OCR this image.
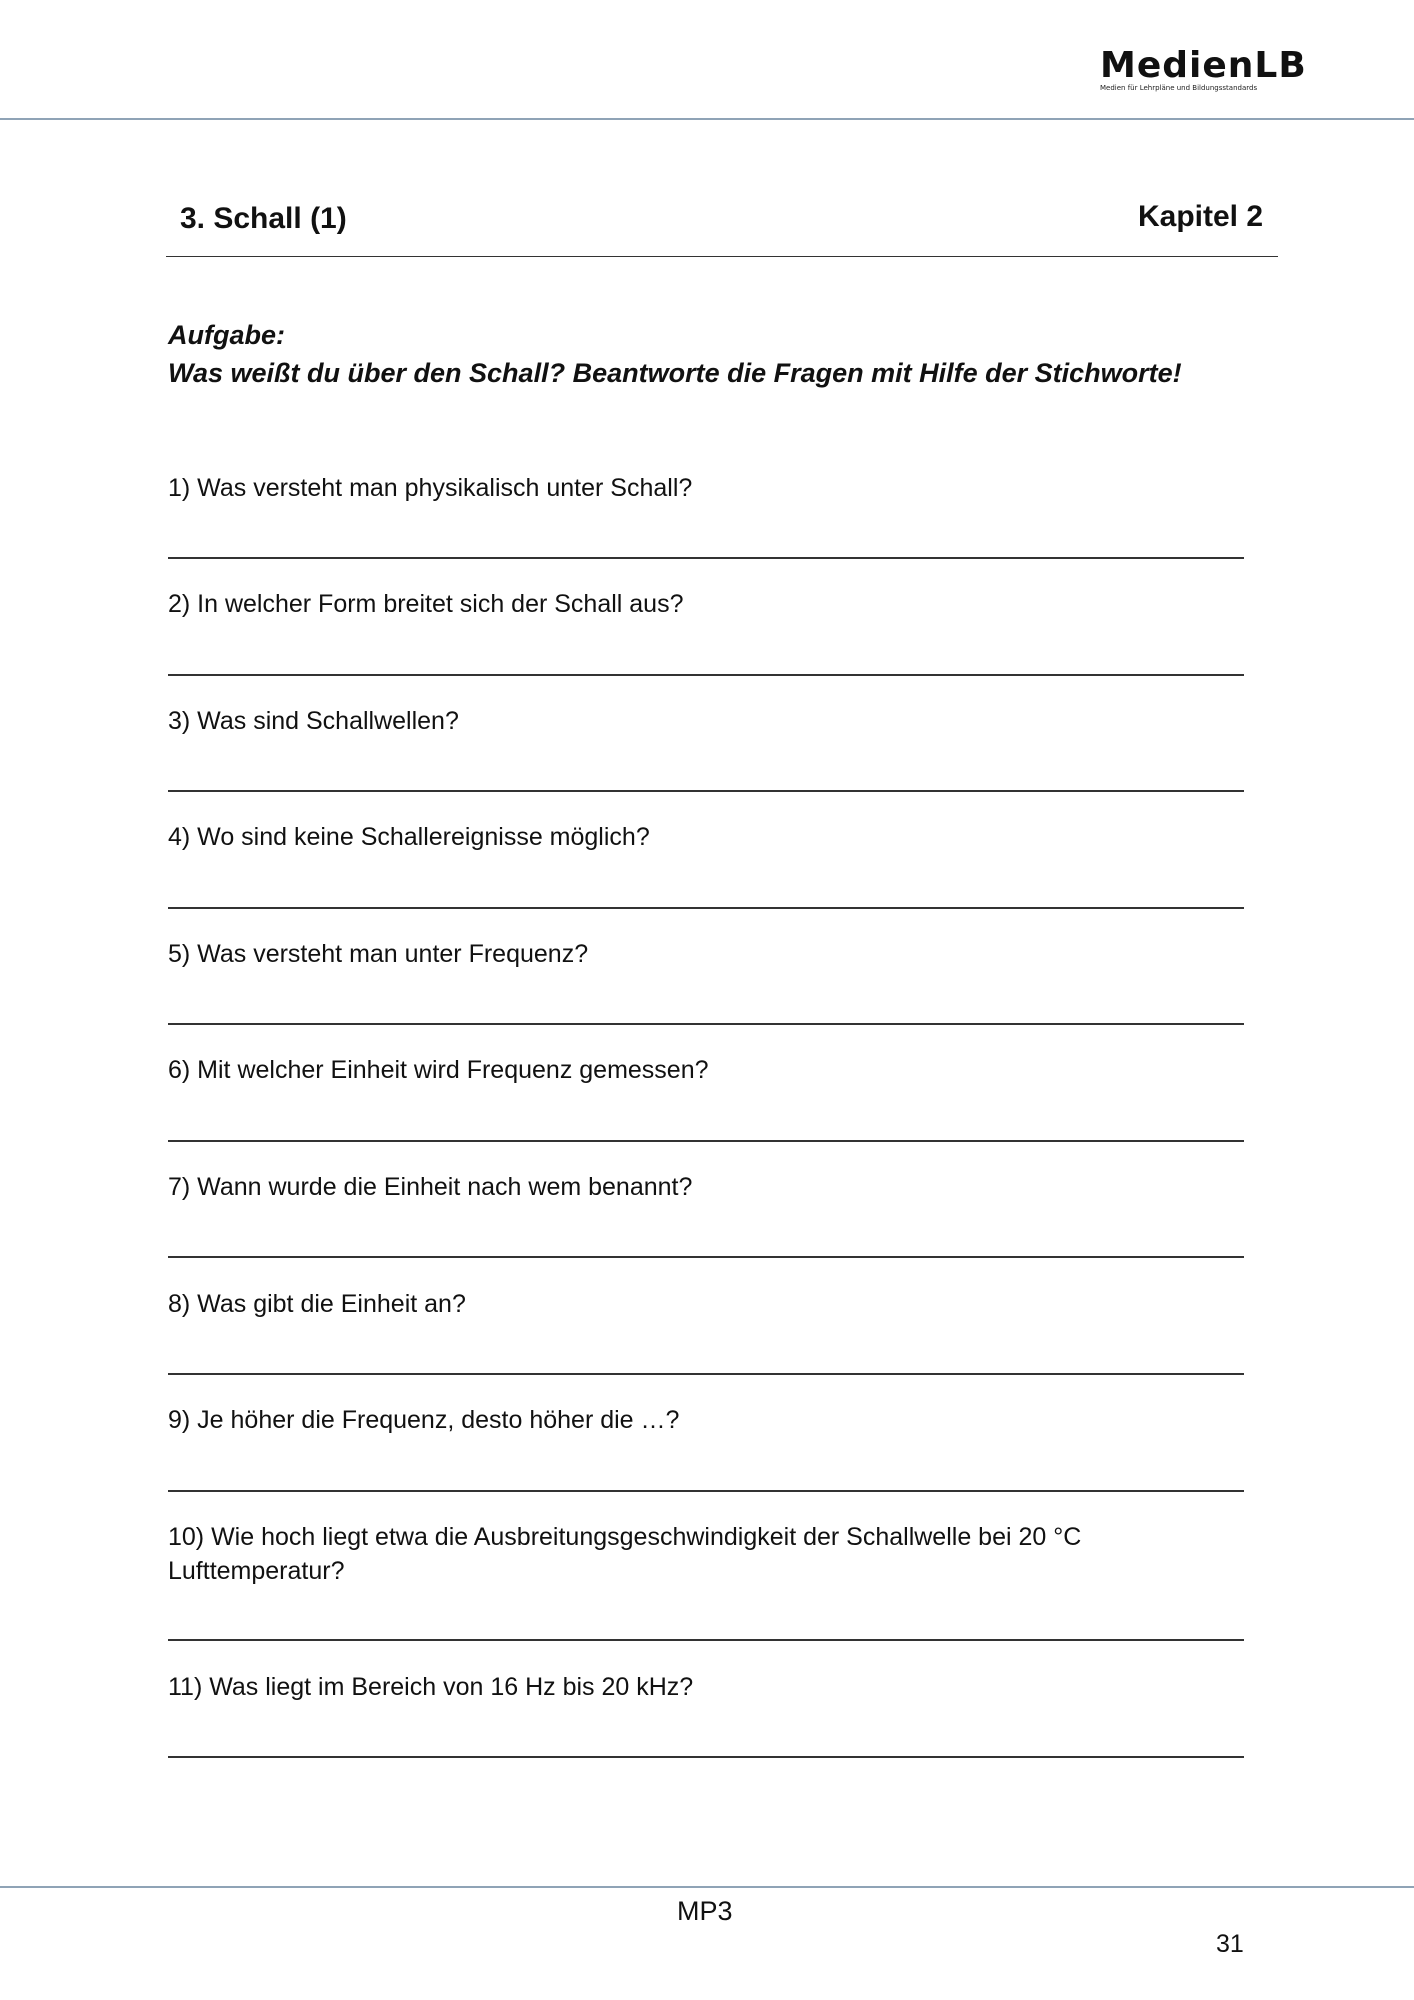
MedienLB
Medien für Lehrpläne und Bildungsstandards
3. Schall (1)	Kapitel 2
Aufgabe:
Was weißt du über den Schall? Beantworte die Fragen mit Hilfe der Stichworte!
1) Was versteht man physikalisch unter Schall?
2) In welcher Form breitet sich der Schall aus?
3) Was sind Schallwellen?
4) Wo sind keine Schallereignisse möglich?
5) Was versteht man unter Frequenz?
6) Mit welcher Einheit wird Frequenz gemessen?
7) Wann wurde die Einheit nach wem benannt?
8) Was gibt die Einheit an?
9) Je höher die Frequenz, desto höher die …?
10) Wie hoch liegt etwa die Ausbreitungsgeschwindigkeit der Schallwelle bei 20 °C Lufttemperatur?
11) Was liegt im Bereich von 16 Hz bis 20 kHz?
MP3
31
